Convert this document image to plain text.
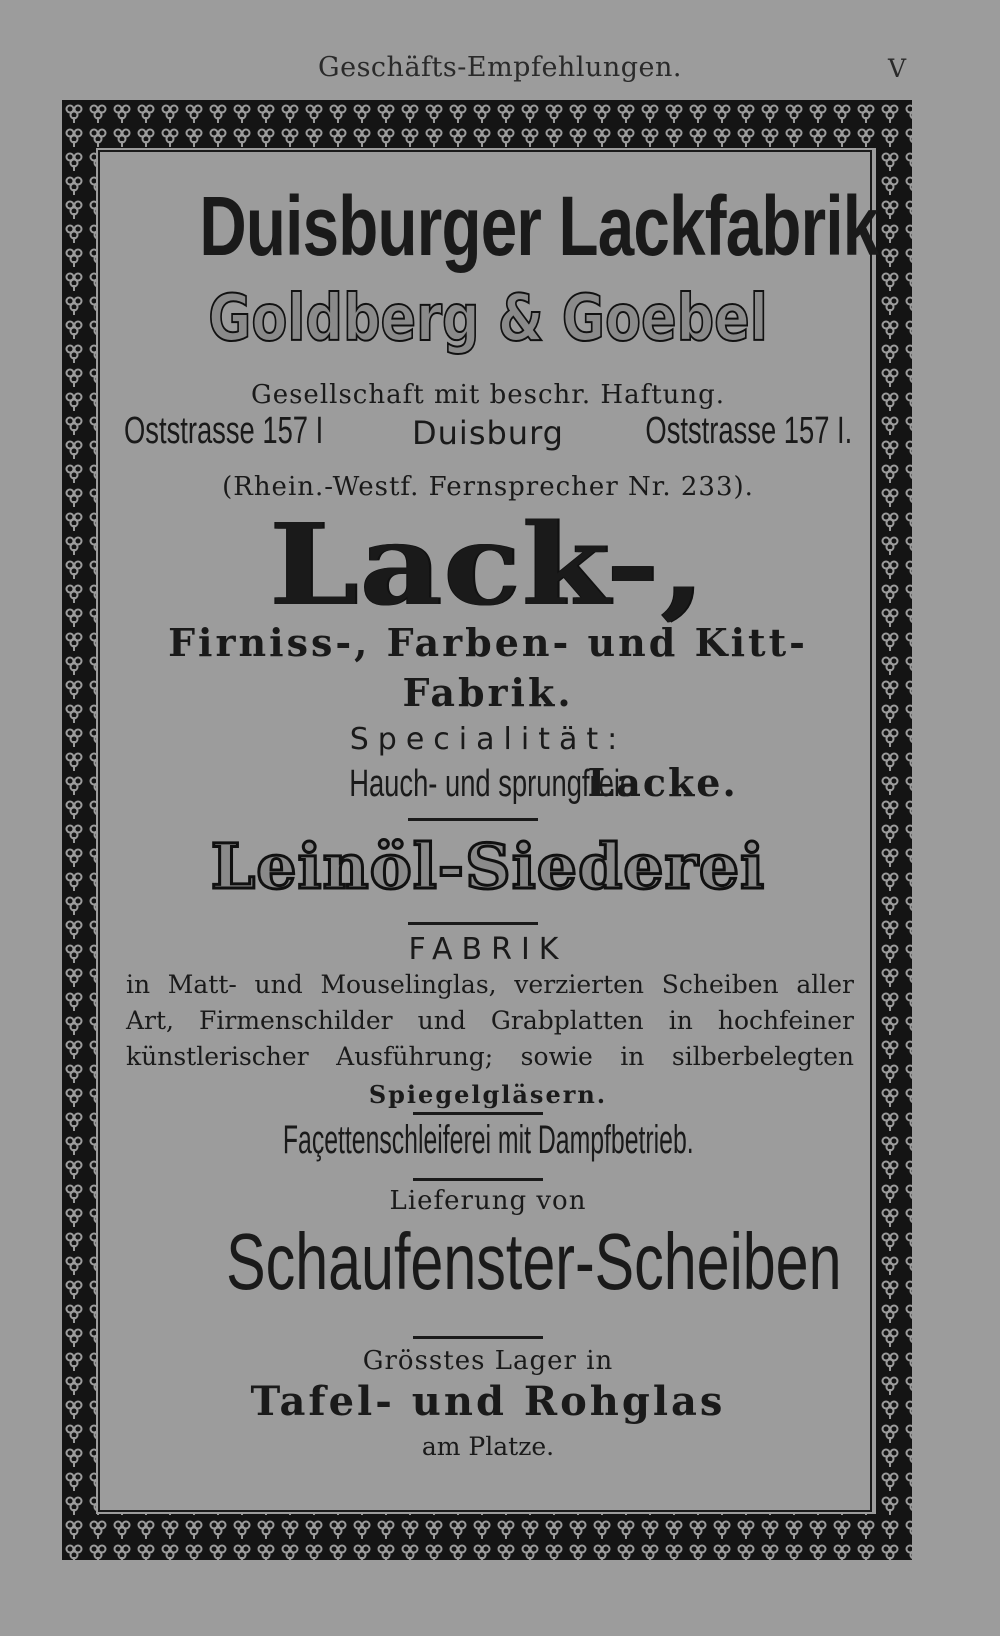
Geschäfts-Empfehlungen.	V
Duisburger Lackfabrik
Goldberg & Goebel
Gesellschaft mit beschr. Haftung.
Oststrasse 157 I	Duisburg	Oststrasse 157 I.
(Rhein.-Westf. Fernsprecher Nr. 233).
Lack-,
Firniss-, Farben- und Kitt-
Fabrik.
Specialität:
Hauch- und sprungfreie Lacke.
Leinöl-Siederei
FABRIK
in Matt- und Mouselinglas, verzierten Scheiben aller
Art, Firmenschilder und Grabplatten in hochfeiner
künstlerischer Ausführung; sowie in silberbelegten
Spiegelgläsern.
Façettenschleiferei mit Dampfbetrieb.
Lieferung von
Schaufenster-Scheiben
Grösstes Lager in
Tafel- und Rohglas
am Platze.
